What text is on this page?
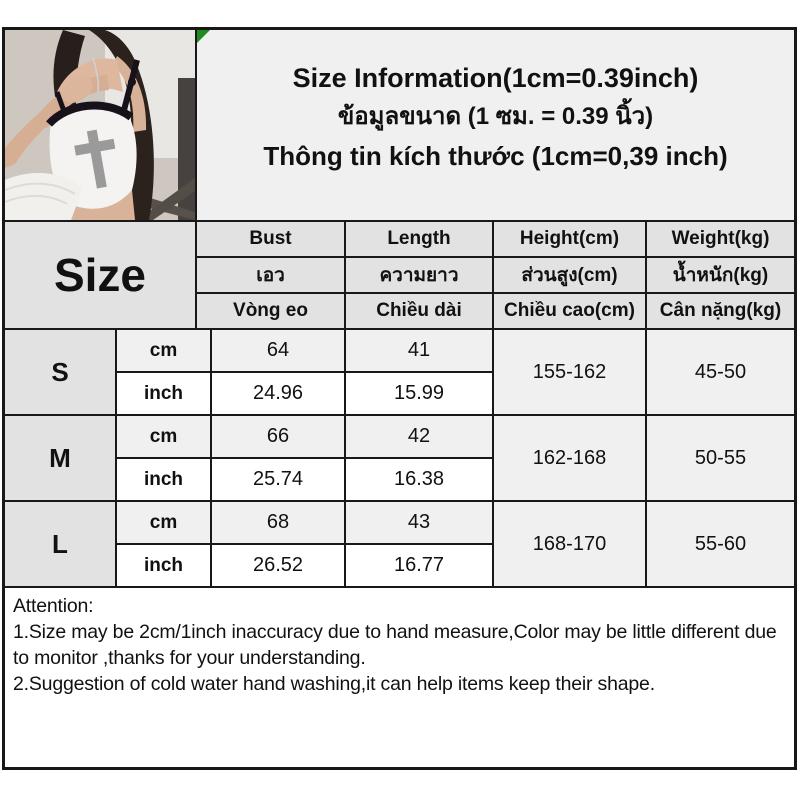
Size Information(1cm=0.39inch)
ข้อมูลขนาด (1 ซม. = 0.39 นิ้ว)
Thông tin kích thước (1cm=0,39 inch)
Size
Bust	Length	Height(cm)	Weight(kg)
เอว	ความยาว	ส่วนสูง(cm)	น้ำหนัก(kg)
Vòng eo	Chiều dài	Chiều cao(cm)	Cân nặng(kg)
S
cm	64	41
inch	24.96	15.99
155-162	45-50
M
cm	66	42
inch	25.74	16.38
162-168	50-55
L
cm	68	43
inch	26.52	16.77
168-170	55-60
Attention:
1.Size may be 2cm/1inch inaccuracy due to hand measure,Color may be little different due to monitor ,thanks for your understanding.
2.Suggestion of cold water hand washing,it can help items keep their shape.
